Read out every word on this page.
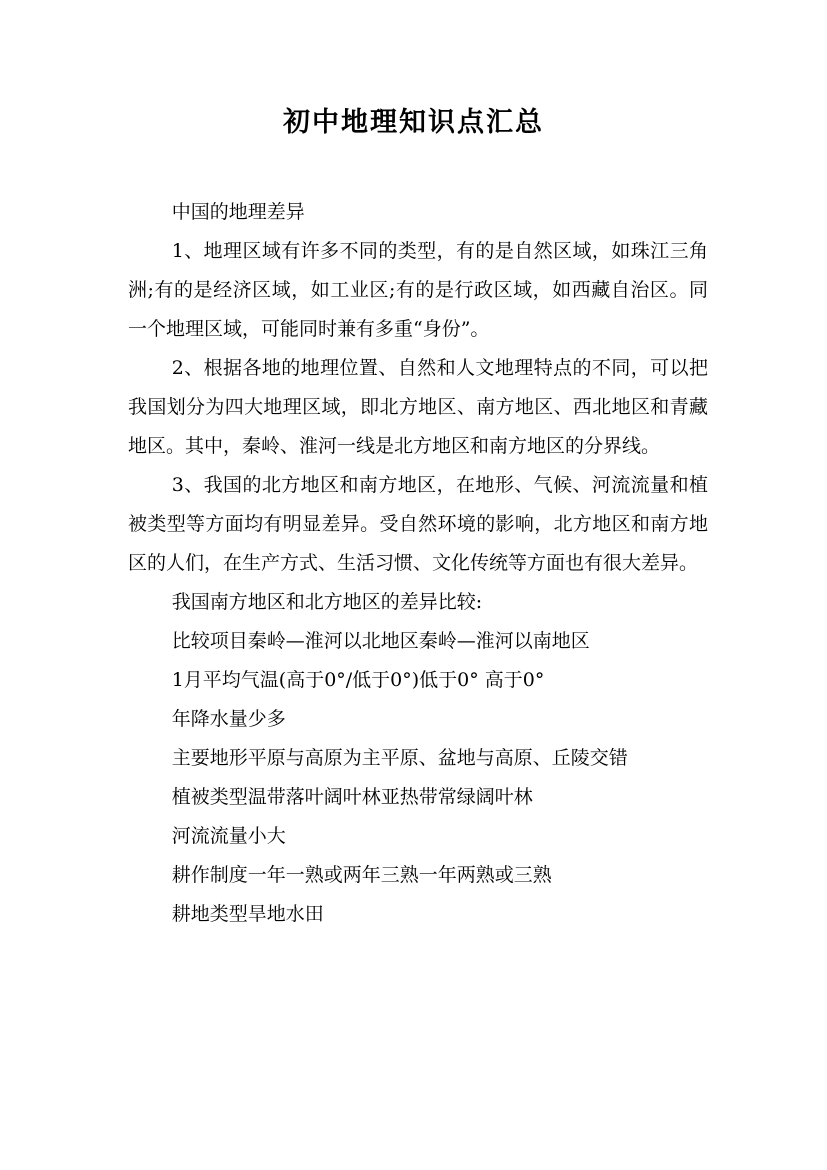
初中地理知识点汇总

中国的地理差异

1、地理区域有许多不同的类型，有的是自然区域，如珠江三角洲;有的是经济区域，如工业区;有的是行政区域，如西藏自治区。同一个地理区域，可能同时兼有多重“身份”。

2、根据各地的地理位置、自然和人文地理特点的不同，可以把我国划分为四大地理区域，即北方地区、南方地区、西北地区和青藏地区。其中，秦岭、淮河一线是北方地区和南方地区的分界线。

3、我国的北方地区和南方地区，在地形、气候、河流流量和植被类型等方面均有明显差异。受自然环境的影响，北方地区和南方地区的人们，在生产方式、生活习惯、文化传统等方面也有很大差异。

我国南方地区和北方地区的差异比较:

比较项目秦岭—淮河以北地区秦岭—淮河以南地区

1月平均气温(高于0°/低于0°)低于0° 高于0°

年降水量少多

主要地形平原与高原为主平原、盆地与高原、丘陵交错

植被类型温带落叶阔叶林亚热带常绿阔叶林

河流流量小大

耕作制度一年一熟或两年三熟一年两熟或三熟

耕地类型旱地水田
